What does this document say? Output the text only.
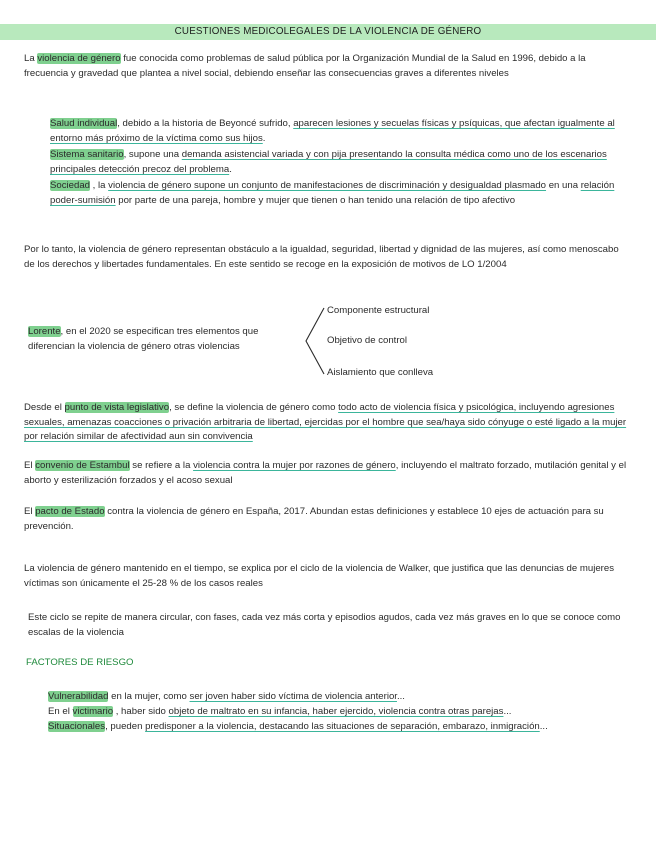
CUESTIONES MEDICOLEGALES DE LA VIOLENCIA DE GÉNERO

La violencia de género fue conocida como problemas de salud pública por la Organización Mundial de la Salud en 1996, debido a la frecuencia y gravedad que plantea a nivel social, debiendo enseñar las consecuencias graves a diferentes niveles

Salud individual, debido a la historia de Beyoncé sufrido, aparecen lesiones y secuelas físicas y psíquicas, que afectan igualmente al entorno más próximo de la víctima como sus hijos.

Sistema sanitario, supone una demanda asistencial variada y con pija presentando la consulta médica como uno de los escenarios principales detección precoz del problema.

Sociedad , la violencia de género supone un conjunto de manifestaciones de discriminación y desigualdad plasmado en una relación poder-sumisión por parte de una pareja, hombre y mujer que tienen o han tenido una relación de tipo afectivo

Por lo tanto, la violencia de género representan obstáculo a la igualdad, seguridad, libertad y dignidad de las mujeres, así como menoscabo de los derechos y libertades fundamentales. En este sentido se recoge en la exposición de motivos de LO 1/2004

Lorente, en el 2020 se especifican tres elementos que diferencian la violencia de género otras violencias

Componente estructural
Objetivo de control
Aislamiento que conlleva

Desde el punto de vista legislativo, se define la violencia de género como todo acto de violencia física y psicológica, incluyendo agresiones sexuales, amenazas coacciones o privación arbitraria de libertad, ejercidas por el hombre que sea/haya sido cónyuge o esté ligado a la mujer por relación similar de afectividad aun sin convivencia

El convenio de Estambul se refiere a la violencia contra la mujer por razones de género, incluyendo el maltrato forzado, mutilación genital y el aborto y esterilización forzados y el acoso sexual

El pacto de Estado contra la violencia de género en España, 2017. Abundan estas definiciones y establece 10 ejes de actuación para su prevención.

La violencia de género mantenido en el tiempo, se explica por el ciclo de la violencia de Walker, que justifica que las denuncias de mujeres víctimas son únicamente el 25-28 % de los casos reales

Este ciclo se repite de manera circular, con fases, cada vez más corta y episodios agudos, cada vez más graves en lo que se conoce como escalas de la violencia

FACTORES DE RIESGO

Vulnerabilidad en la mujer, como ser joven haber sido víctima de violencia anterior...

En el victimario , haber sido objeto de maltrato en su infancia, haber ejercido, violencia contra otras parejas...

Situacionales, pueden predisponer a la violencia, destacando las situaciones de separación, embarazo, inmigración...
